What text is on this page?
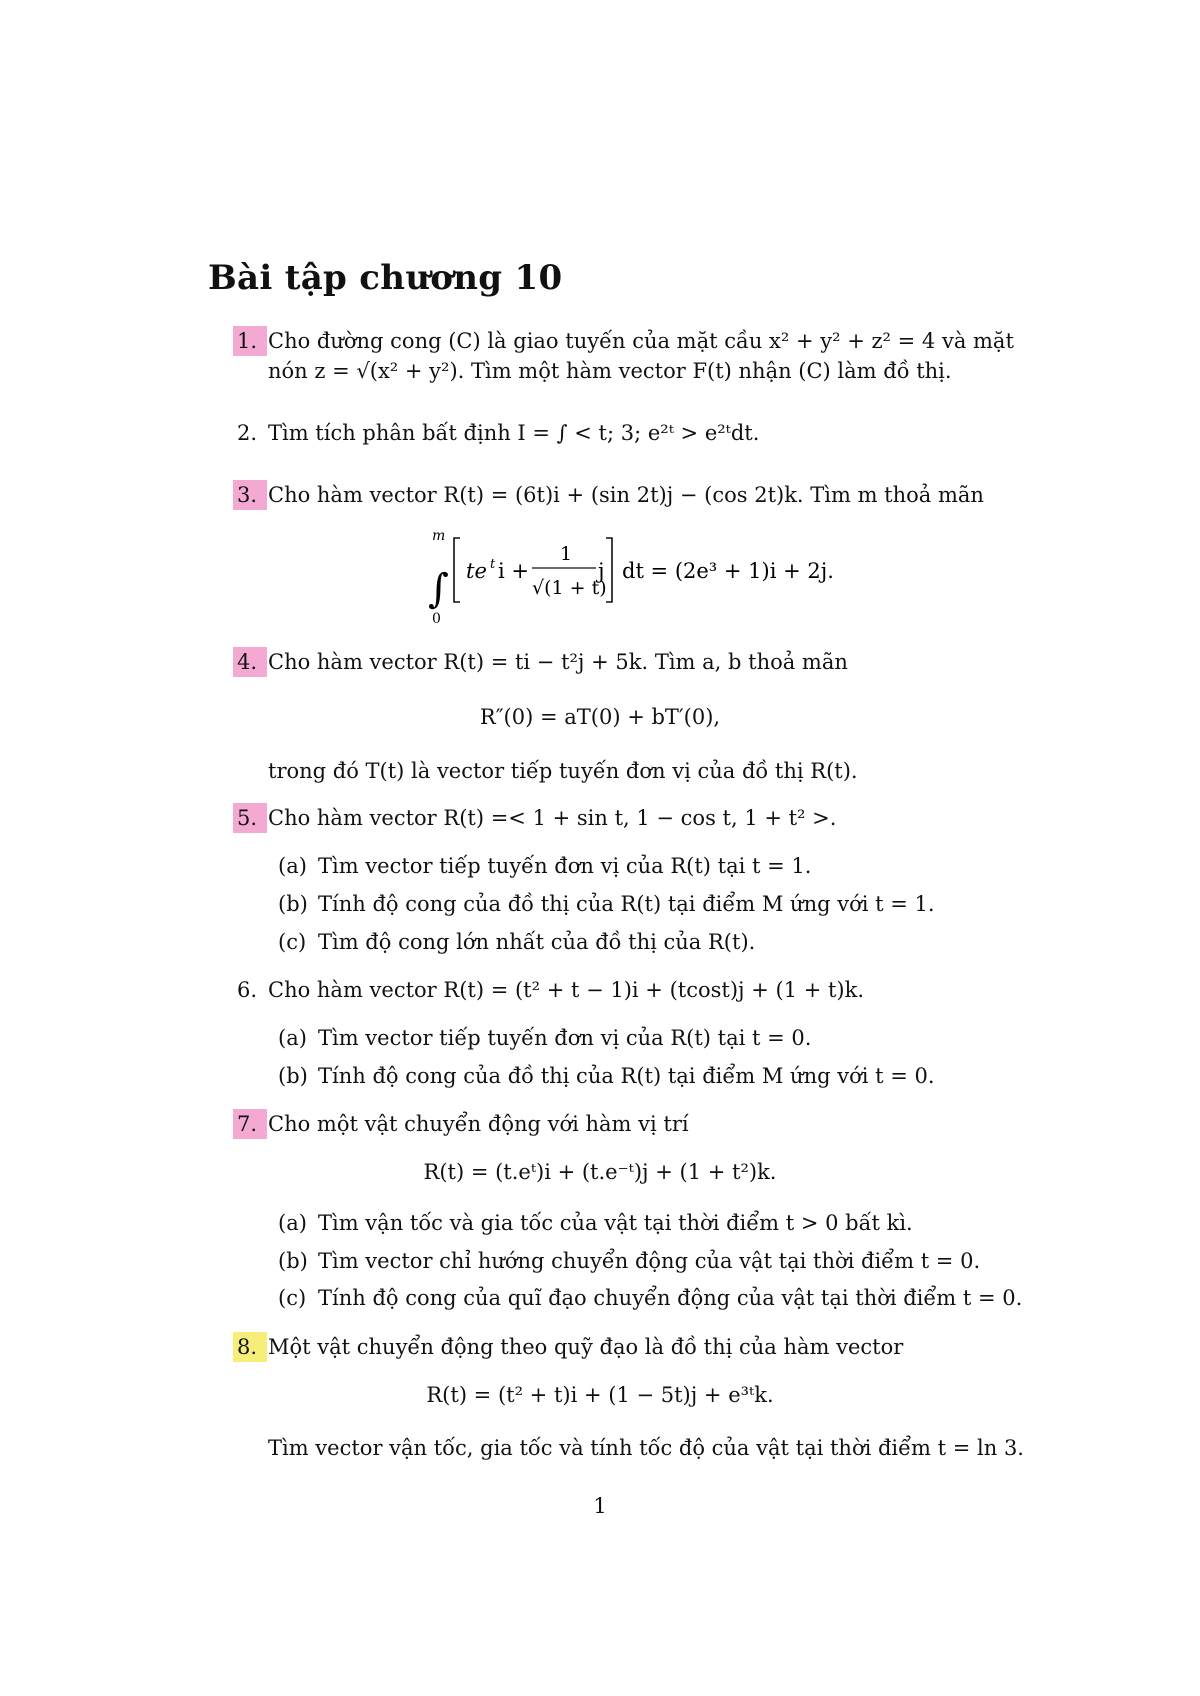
Bài tập chương 10
1. Cho đường cong (C) là giao tuyến của mặt cầu x² + y² + z² = 4 và mặt
nón z = √(x² + y²). Tìm một hàm vector F(t) nhận (C) làm đồ thị.
2. Tìm tích phân bất định I = ∫ < t; 3; e²ᵗ > e²ᵗdt.
3. Cho hàm vector R(t) = (6t)i + (sin 2t)j − (cos 2t)k. Tìm m thoả mãn
m
∫
0
te t i +
1
√(1 + t)
j dt = (2e³ + 1)i + 2j.
4. Cho hàm vector R(t) = ti − t²j + 5k. Tìm a, b thoả mãn
R″(0) = aT(0) + bT′(0),
trong đó T(t) là vector tiếp tuyến đơn vị của đồ thị R(t).
5. Cho hàm vector R(t) =< 1 + sin t, 1 − cos t, 1 + t² >.
(a) Tìm vector tiếp tuyến đơn vị của R(t) tại t = 1.
(b) Tính độ cong của đồ thị của R(t) tại điểm M ứng với t = 1.
(c) Tìm độ cong lớn nhất của đồ thị của R(t).
6. Cho hàm vector R(t) = (t² + t − 1)i + (tcost)j + (1 + t)k.
(a) Tìm vector tiếp tuyến đơn vị của R(t) tại t = 0.
(b) Tính độ cong của đồ thị của R(t) tại điểm M ứng với t = 0.
7. Cho một vật chuyển động với hàm vị trí
R(t) = (t.eᵗ)i + (t.e⁻ᵗ)j + (1 + t²)k.
(a) Tìm vận tốc và gia tốc của vật tại thời điểm t > 0 bất kì.
(b) Tìm vector chỉ hướng chuyển động của vật tại thời điểm t = 0.
(c) Tính độ cong của quĩ đạo chuyển động của vật tại thời điểm t = 0.
8. Một vật chuyển động theo quỹ đạo là đồ thị của hàm vector
R(t) = (t² + t)i + (1 − 5t)j + e³ᵗk.
Tìm vector vận tốc, gia tốc và tính tốc độ của vật tại thời điểm t = ln 3.
1
